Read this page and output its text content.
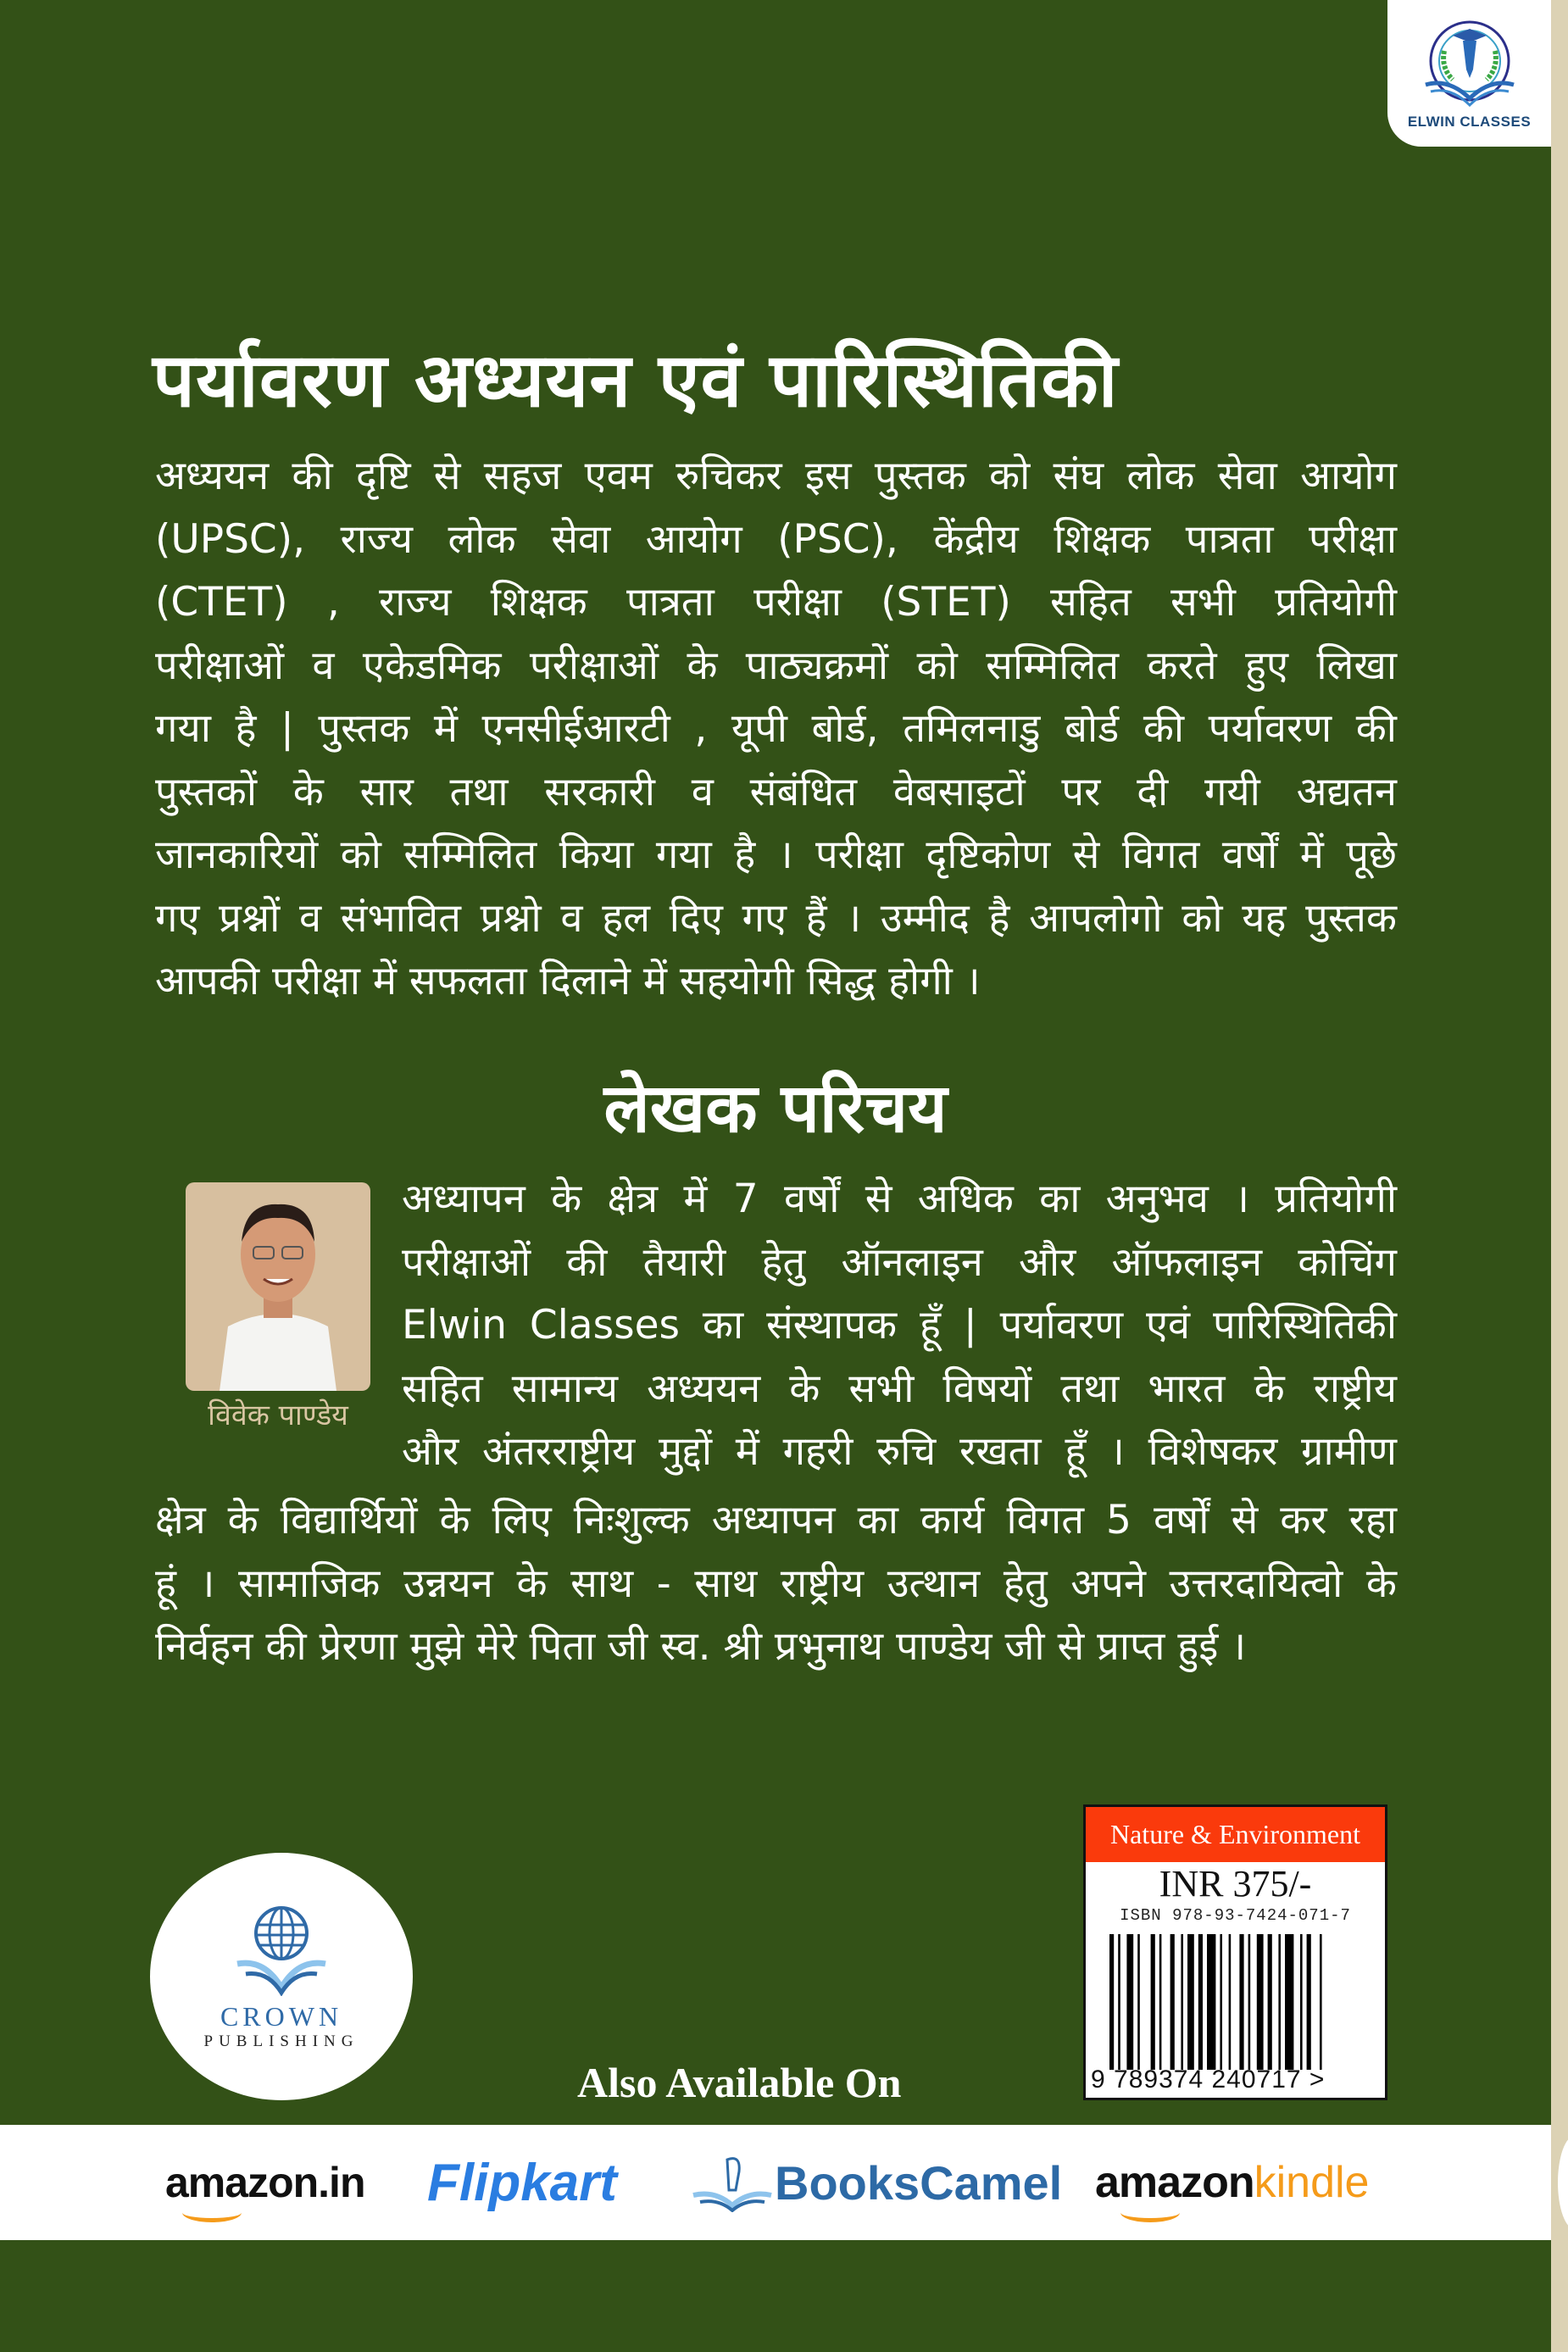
ELWIN CLASSES
पर्यावरण अध्ययन एवं पारिस्थितिकी
अध्ययन की दृष्टि से सहज एवम रुचिकर इस पुस्तक को संघ लोक सेवा आयोग
(UPSC), राज्य लोक सेवा आयोग (PSC), केंद्रीय शिक्षक पात्रता परीक्षा
(CTET) , राज्य शिक्षक पात्रता परीक्षा (STET) सहित सभी प्रतियोगी
परीक्षाओं व एकेडमिक परीक्षाओं के पाठ्यक्रमों को सम्मिलित करते हुए लिखा
गया है | पुस्तक में एनसीईआरटी , यूपी बोर्ड, तमिलनाडु बोर्ड की पर्यावरण की
पुस्तकों के सार तथा सरकारी व संबंधित वेबसाइटों पर दी गयी अद्यतन
जानकारियों को सम्मिलित किया गया है । परीक्षा दृष्टिकोण से विगत वर्षों में पूछे
गए प्रश्नों व संभावित प्रश्नो व हल दिए गए हैं । उम्मीद है आपलोगो को यह पुस्तक
आपकी परीक्षा में सफलता दिलाने में सहयोगी सिद्ध होगी ।
लेखक परिचय
विवेक पाण्डेय
अध्यापन के क्षेत्र में 7 वर्षों से अधिक का अनुभव । प्रतियोगी
परीक्षाओं की तैयारी हेतु ऑनलाइन और ऑफलाइन कोचिंग
Elwin Classes का संस्थापक हूँ | पर्यावरण एवं पारिस्थितिकी
सहित सामान्य अध्ययन के सभी विषयों तथा भारत के राष्ट्रीय
और अंतरराष्ट्रीय मुद्दों में गहरी रुचि रखता हूँ । विशेषकर ग्रामीण
क्षेत्र के विद्यार्थियों के लिए निःशुल्क अध्यापन का कार्य विगत 5 वर्षों से कर रहा
हूं । सामाजिक उन्नयन के साथ - साथ राष्ट्रीय उत्थान हेतु अपने उत्तरदायित्वो के
निर्वहन की प्रेरणा मुझे मेरे पिता जी स्व. श्री प्रभुनाथ पाण्डेय जी से प्राप्त हुई ।
CROWN
PUBLISHING
Nature & Environment
INR 375/-
ISBN 978-93-7424-071-7
9 789374 240717 >
Also Available On
amazon.in Flipkart	BooksCamel amazon kindle
